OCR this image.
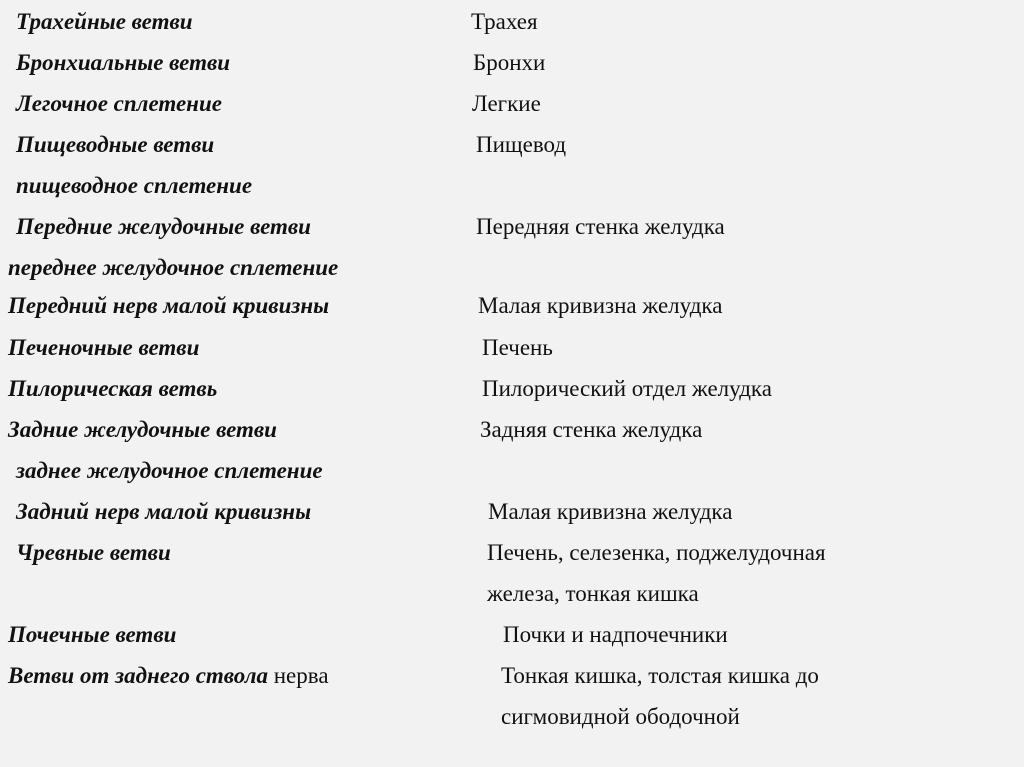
Трахейные ветви	Трахея
Бронхиальные ветви	Бронхи
Легочное сплетение	Легкие
Пищеводные ветви	Пищевод
пищеводное сплетение
Передние желудочные ветви	Передняя стенка желудка
переднее желудочное сплетение
Передний нерв малой кривизны	Малая кривизна желудка
Печеночные ветви	Печень
Пилорическая ветвь	Пилорический отдел желудка
Задние желудочные ветви	Задняя стенка желудка
заднее желудочное сплетение
Задний нерв малой кривизны	Малая кривизна желудка
Чревные ветви	Печень, селезенка, поджелудочная
железа, тонкая кишка
Почечные ветви	Почки и надпочечники
Ветви от заднего ствола нерва	Тонкая кишка, толстая кишка до
сигмовидной ободочной
